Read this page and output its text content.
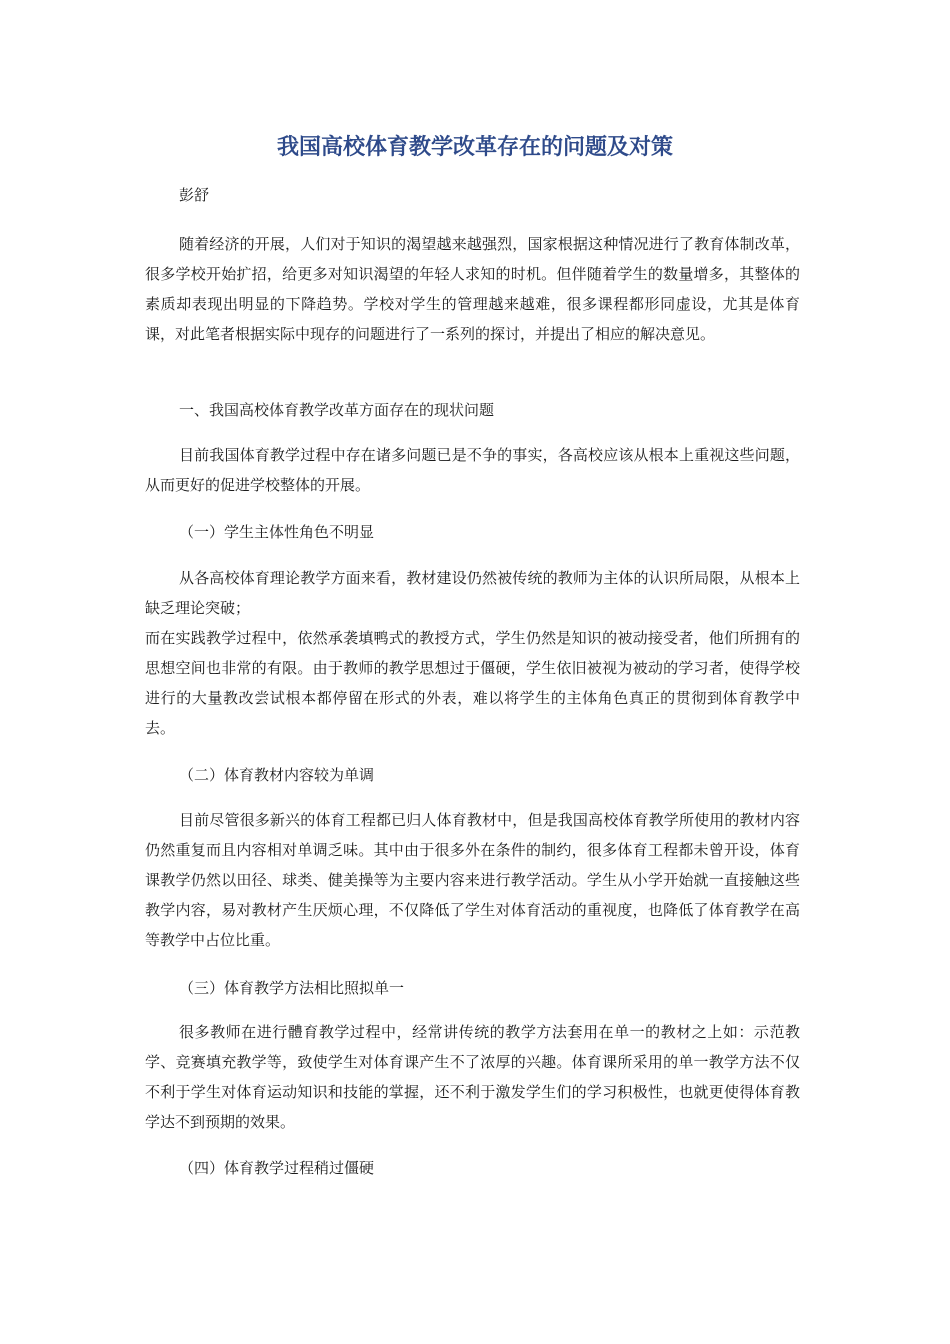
我国高校体育教学改革存在的问题及对策
彭舒
随着经济的开展，人们对于知识的渴望越来越强烈，国家根据这种情况进行了教育体制改革，很多学校开始扩招，给更多对知识渴望的年轻人求知的时机。但伴随着学生的数量增多，其整体的素质却表现出明显的下降趋势。学校对学生的管理越来越难，很多课程都形同虚设，尤其是体育课，对此笔者根据实际中现存的问题进行了一系列的探讨，并提出了相应的解决意见。
一、我国高校体育教学改革方面存在的现状问题
目前我国体育教学过程中存在诸多问题已是不争的事实，各高校应该从根本上重视这些问题，从而更好的促进学校整体的开展。
（一）学生主体性角色不明显
从各高校体育理论教学方面来看，教材建设仍然被传统的教师为主体的认识所局限，从根本上缺乏理论突破；
而在实践教学过程中，依然承袭填鸭式的教授方式，学生仍然是知识的被动接受者，他们所拥有的思想空间也非常的有限。由于教师的教学思想过于僵硬，学生依旧被视为被动的学习者，使得学校进行的大量教改尝试根本都停留在形式的外表，难以将学生的主体角色真正的贯彻到体育教学中去。
（二）体育教材内容较为单调
目前尽管很多新兴的体育工程都已归人体育教材中，但是我国高校体育教学所使用的教材内容仍然重复而且内容相对单调乏味。其中由于很多外在条件的制约，很多体育工程都未曾开设，体育课教学仍然以田径、球类、健美操等为主要内容来进行教学活动。学生从小学开始就一直接触这些教学内容，易对教材产生厌烦心理，不仅降低了学生对体育活动的重视度，也降低了体育教学在高等教学中占位比重。
（三）体育教学方法相比照拟单一
很多教师在进行體育教学过程中，经常讲传统的教学方法套用在单一的教材之上如：示范教学、竞赛填充教学等，致使学生对体育课产生不了浓厚的兴趣。体育课所采用的单一教学方法不仅不利于学生对体育运动知识和技能的掌握，还不利于激发学生们的学习积极性，也就更使得体育教学达不到预期的效果。
（四）体育教学过程稍过僵硬
